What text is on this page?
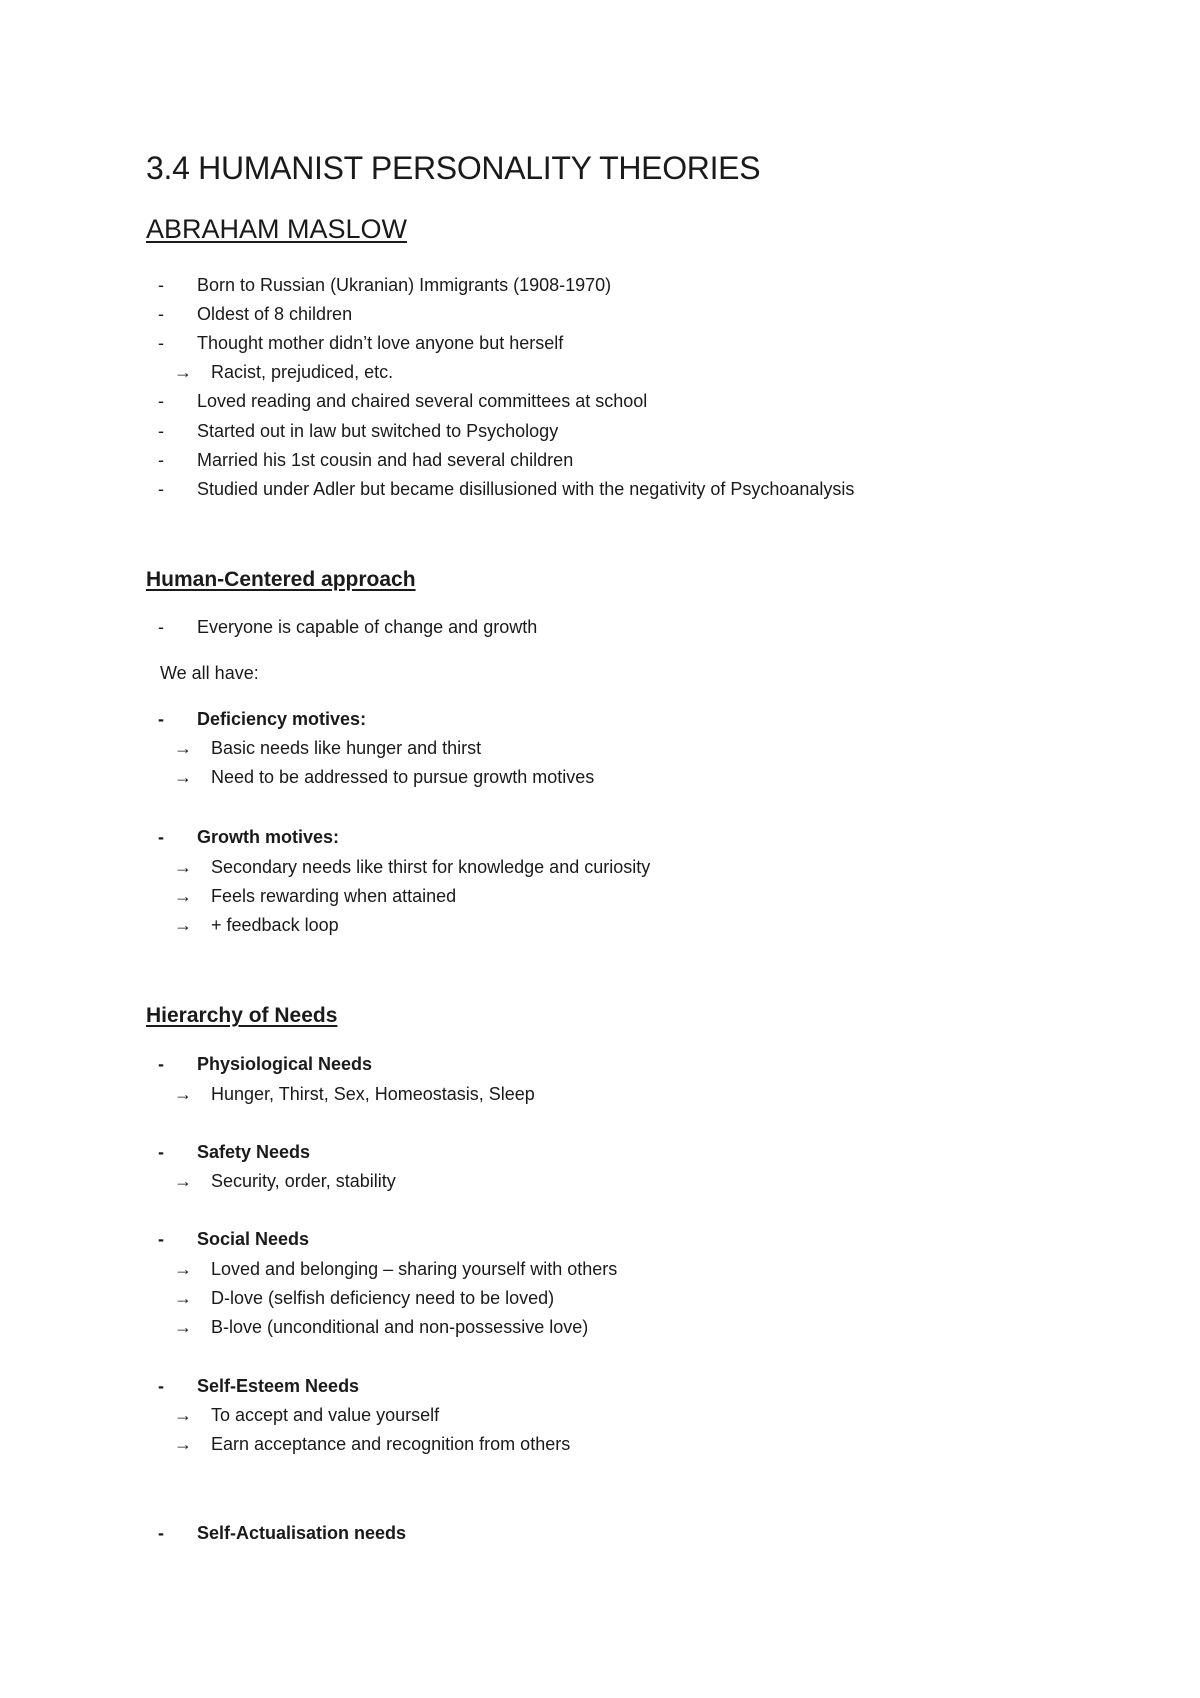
3.4 HUMANIST PERSONALITY THEORIES
ABRAHAM MASLOW
- Born to Russian (Ukranian) Immigrants (1908-1970)
- Oldest of 8 children
- Thought mother didn’t love anyone but herself
→ Racist, prejudiced, etc.
- Loved reading and chaired several committees at school
- Started out in law but switched to Psychology
- Married his 1st cousin and had several children
- Studied under Adler but became disillusioned with the negativity of Psychoanalysis
Human-Centered approach
- Everyone is capable of change and growth
We all have:
- Deficiency motives:
→ Basic needs like hunger and thirst
→ Need to be addressed to pursue growth motives
- Growth motives:
→ Secondary needs like thirst for knowledge and curiosity
→ Feels rewarding when attained
→ + feedback loop
Hierarchy of Needs
- Physiological Needs
→ Hunger, Thirst, Sex, Homeostasis, Sleep
- Safety Needs
→ Security, order, stability
- Social Needs
→ Loved and belonging – sharing yourself with others
→ D-love (selfish deficiency need to be loved)
→ B-love (unconditional and non-possessive love)
- Self-Esteem Needs
→ To accept and value yourself
→ Earn acceptance and recognition from others
- Self-Actualisation needs
